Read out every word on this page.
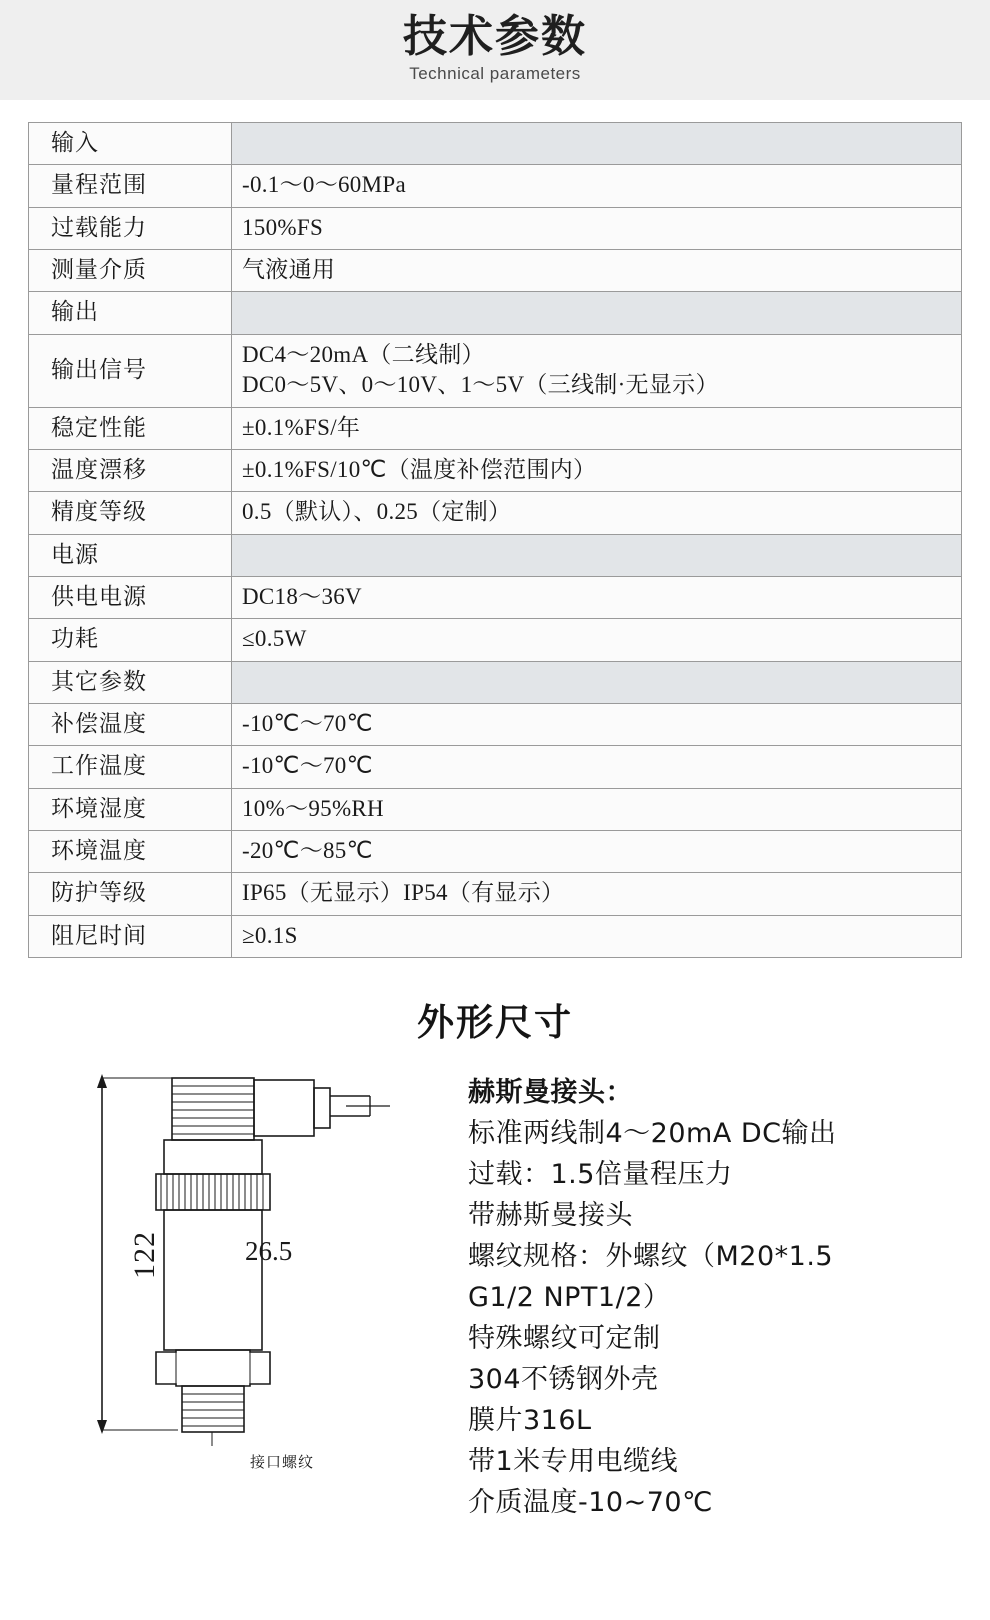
技术参数
Technical parameters
输入	
量程范围	-0.1～0～60MPa
过载能力	150%FS
测量介质	气液通用
输出	
输出信号	DC4～20mA（二线制）
DC0～5V、0～10V、1～5V（三线制·无显示）

稳定性能	±0.1%FS/年
温度漂移	±0.1%FS/10℃（温度补偿范围内）
精度等级	0.5（默认）、0.25（定制）
电源	
供电电源	DC18～36V
功耗	≤0.5W
其它参数	
补偿温度	-10℃～70℃
工作温度	-10℃～70℃
环境湿度	10%～95%RH
环境温度	-20℃～85℃
防护等级	IP65（无显示）IP54（有显示）
阻尼时间	≥0.1S
外形尺寸
122	26.5
接口螺纹
赫斯曼接头：
标准两线制4～20mA DC输出
过载：1.5倍量程压力
带赫斯曼接头
螺纹规格：外螺纹（M20*1.5
G1/2 NPT1/2）
特殊螺纹可定制
304不锈钢外壳
膜片316L
带1米专用电缆线
介质温度-10~70℃
